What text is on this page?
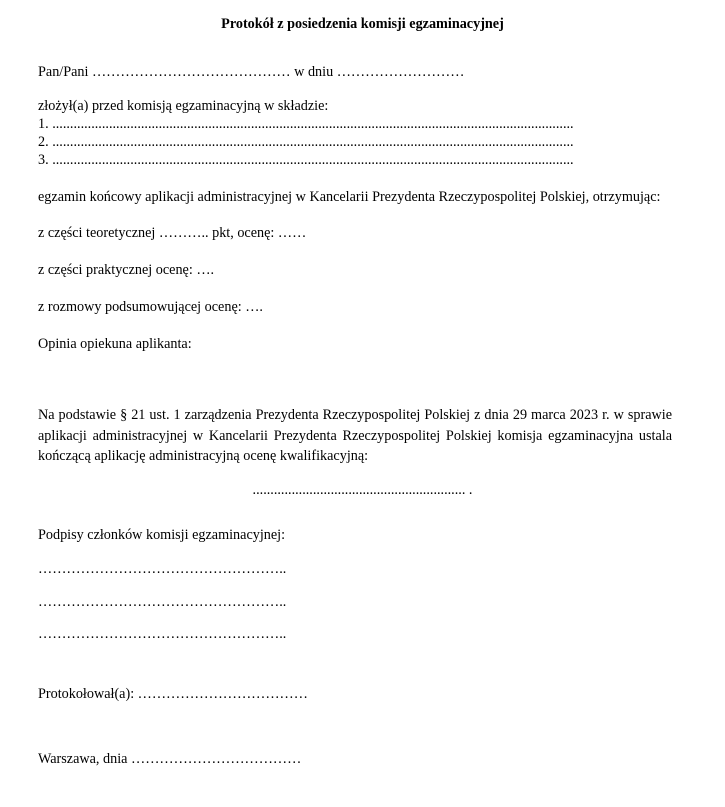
Protokół z posiedzenia komisji egzaminacyjnej
Pan/Pani …………………………………… w dniu ………………………
złożył(a) przed komisją egzaminacyjną w składzie:
1. ...................................................................................................................................................
2. ...................................................................................................................................................
3. ...................................................................................................................................................
egzamin końcowy aplikacji administracyjnej w Kancelarii Prezydenta Rzeczypospolitej Polskiej, otrzymując:
z części teoretycznej ……….. pkt, ocenę: ……
z części praktycznej ocenę: ….
z rozmowy podsumowującej ocenę: ….
Opinia opiekuna aplikanta:
Na podstawie § 21 ust. 1 zarządzenia Prezydenta Rzeczypospolitej Polskiej z dnia 29 marca 2023 r. w sprawie aplikacji administracyjnej w Kancelarii Prezydenta Rzeczypospolitej Polskiej komisja egzaminacyjna ustala kończącą aplikację administracyjną ocenę kwalifikacyjną:
............................................................ .
Podpisy członków komisji egzaminacyjnej:
……………………………………………..
……………………………………………..
……………………………………………..
Protokołował(a): ………………………………
Warszawa, dnia ………………………………
